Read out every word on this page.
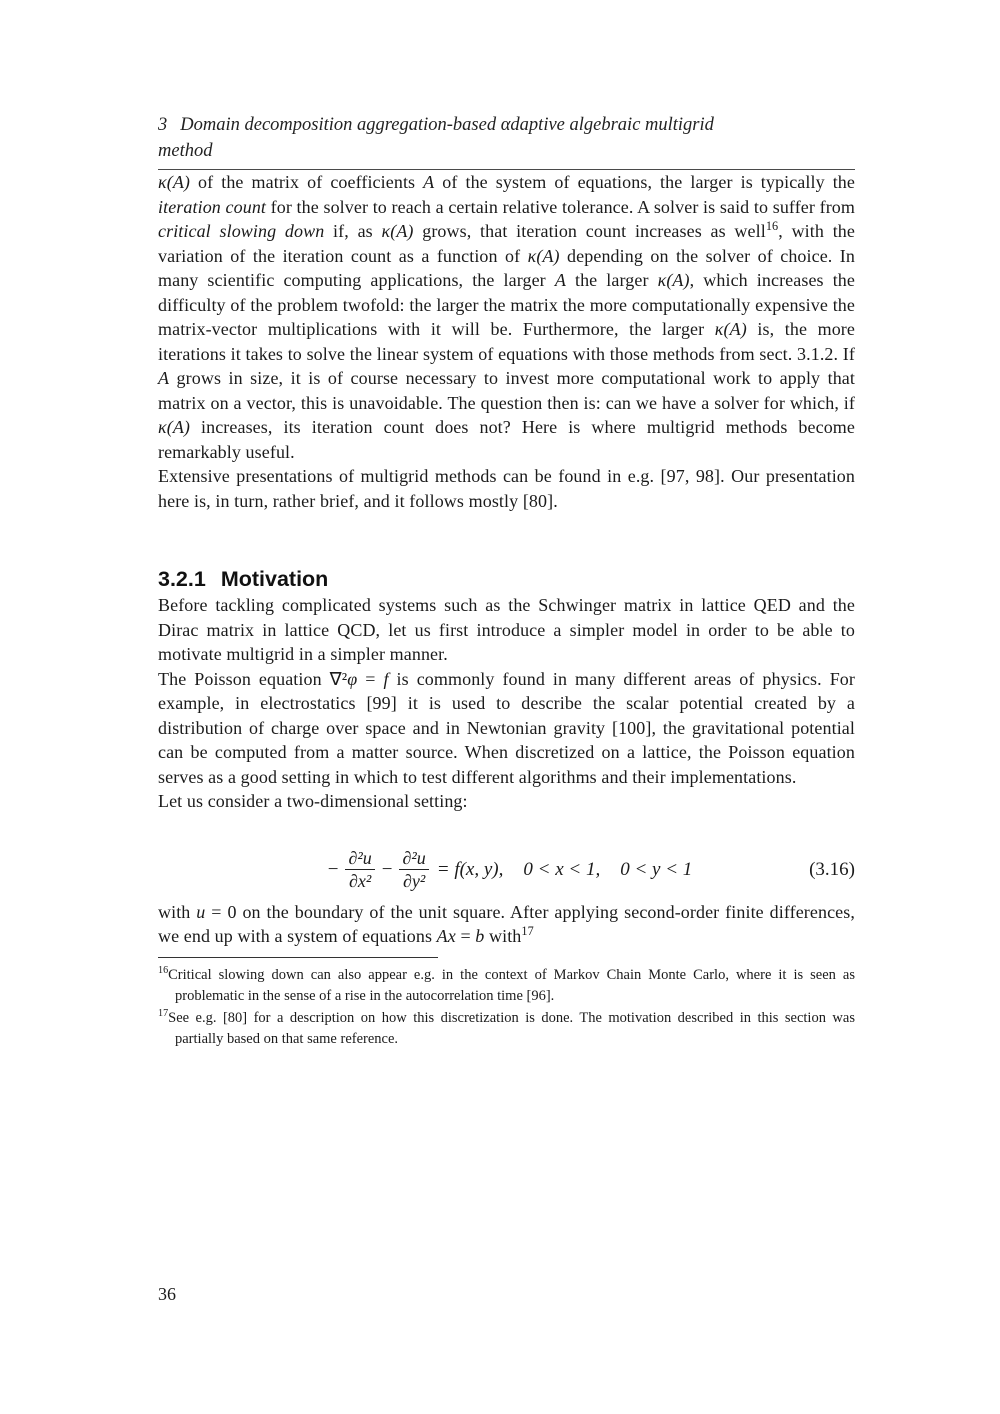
3 Domain decomposition aggregation-based αdaptive algebraic multigrid
method

κ(A) of the matrix of coefficients A of the system of equations, the larger is typically the iteration count for the solver to reach a certain relative tolerance. A solver is said to suffer from critical slowing down if, as κ(A) grows, that iteration count increases as well$^{16}$, with the variation of the iteration count as a function of κ(A) depending on the solver of choice. In many scientific computing applications, the larger A the larger κ(A), which increases the difficulty of the problem twofold: the larger the matrix the more computationally expensive the matrix-vector multiplications with it will be. Furthermore, the larger κ(A) is, the more iterations it takes to solve the linear system of equations with those methods from sect. 3.1.2. If A grows in size, it is of course necessary to invest more computational work to apply that matrix on a vector, this is unavoidable. The question then is: can we have a solver for which, if κ(A) increases, its iteration count does not? Here is where multigrid methods become remarkably useful.

Extensive presentations of multigrid methods can be found in e.g. [97, 98]. Our presentation here is, in turn, rather brief, and it follows mostly [80].

3.2.1 Motivation

Before tackling complicated systems such as the Schwinger matrix in lattice QED and the Dirac matrix in lattice QCD, let us first introduce a simpler model in order to be able to motivate multigrid in a simpler manner.

The Poisson equation ∇²φ = f is commonly found in many different areas of physics. For example, in electrostatics [99] it is used to describe the scalar potential created by a distribution of charge over space and in Newtonian gravity [100], the gravitational potential can be computed from a matter source. When discretized on a lattice, the Poisson equation serves as a good setting in which to test different algorithms and their implementations.

Let us consider a two-dimensional setting:

− $\frac{\text{∂²u}}{\text{∂x²}} - \frac{\text{∂²u}}{\text{∂y²}} = f(x$, y), 0 < x < 1, 0 < y < 1	(3.16)

with u = 0 on the boundary of the unit square. After applying second-order finite differences, we end up with a system of equations Ax = b with$^{17}$

$^{16}$Critical slowing down can also appear e.g. in the context of Markov Chain Monte Carlo, where it is seen as problematic in the sense of a rise in the autocorrelation time [96].

$^{17}$See e.g. [80] for a description on how this discretization is done. The motivation described in this section was partially based on that same reference.

36
